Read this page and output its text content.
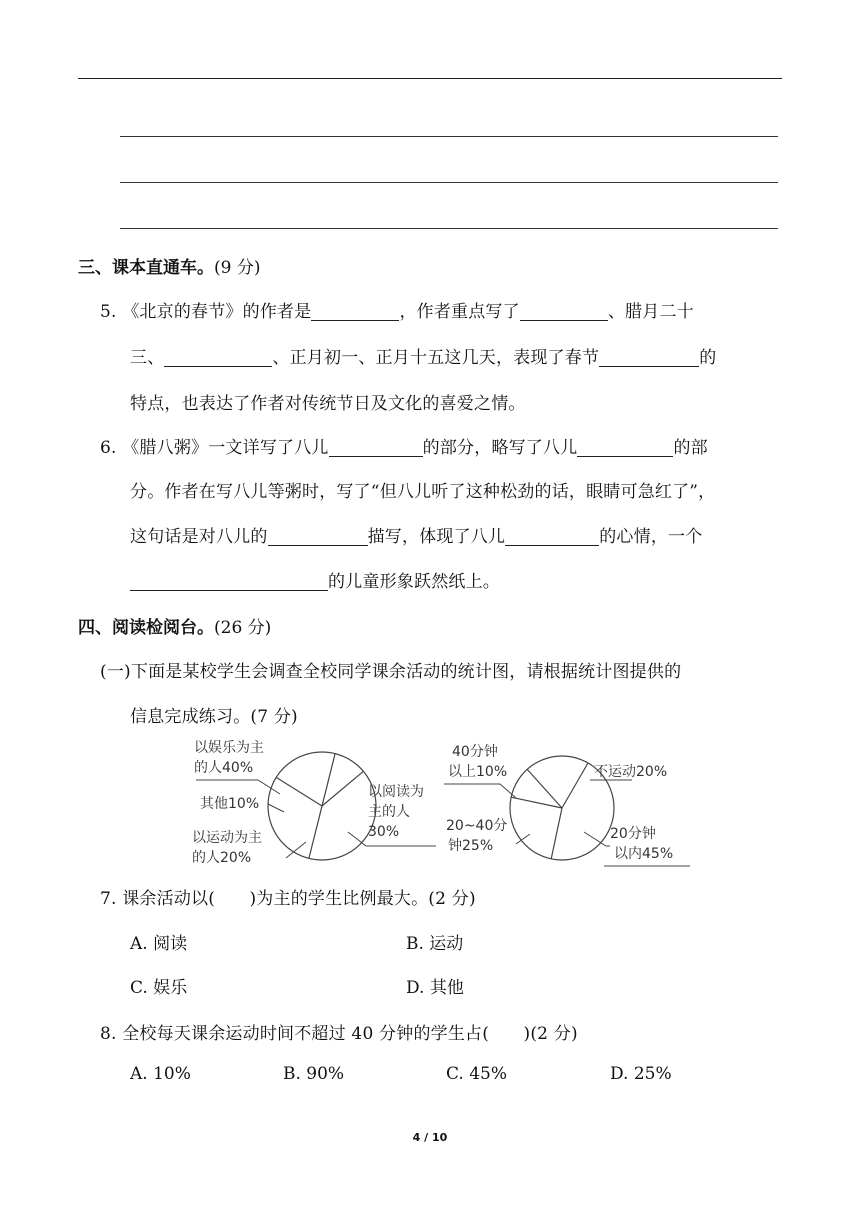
三、课本直通车。(9 分)
5. 《北京的春节》的作者是	，作者重点写了	、腊月二十
三、	、正月初一、正月十五这几天，表现了春节	的
特点，也表达了作者对传统节日及文化的喜爱之情。
6. 《腊八粥》一文详写了八儿	的部分，略写了八儿	的部
分。作者在写八儿等粥时，写了“但八儿听了这种松劲的话，眼睛可急红了”，
这句话是对八儿的	描写，体现了八儿	的心情，一个
的儿童形象跃然纸上。
四、阅读检阅台。(26 分)
(一)下面是某校学生会调查全校同学课余活动的统计图，请根据统计图提供的
信息完成练习。(7 分)
以娱乐为主
的人40%
其他10%
以运动为主
的人20%
以阅读为
主的人
30%
40分钟
以上10%	不运动20%
20~40分
钟25%
20分钟
以内45%
7. 课余活动以(　　)为主的学生比例最大。(2 分)
A. 阅读	B. 运动
C. 娱乐	D. 其他
8. 全校每天课余运动时间不超过 40 分钟的学生占(　　)(2 分)
A. 10%	B. 90%	C. 45%	D. 25%
4 / 10
